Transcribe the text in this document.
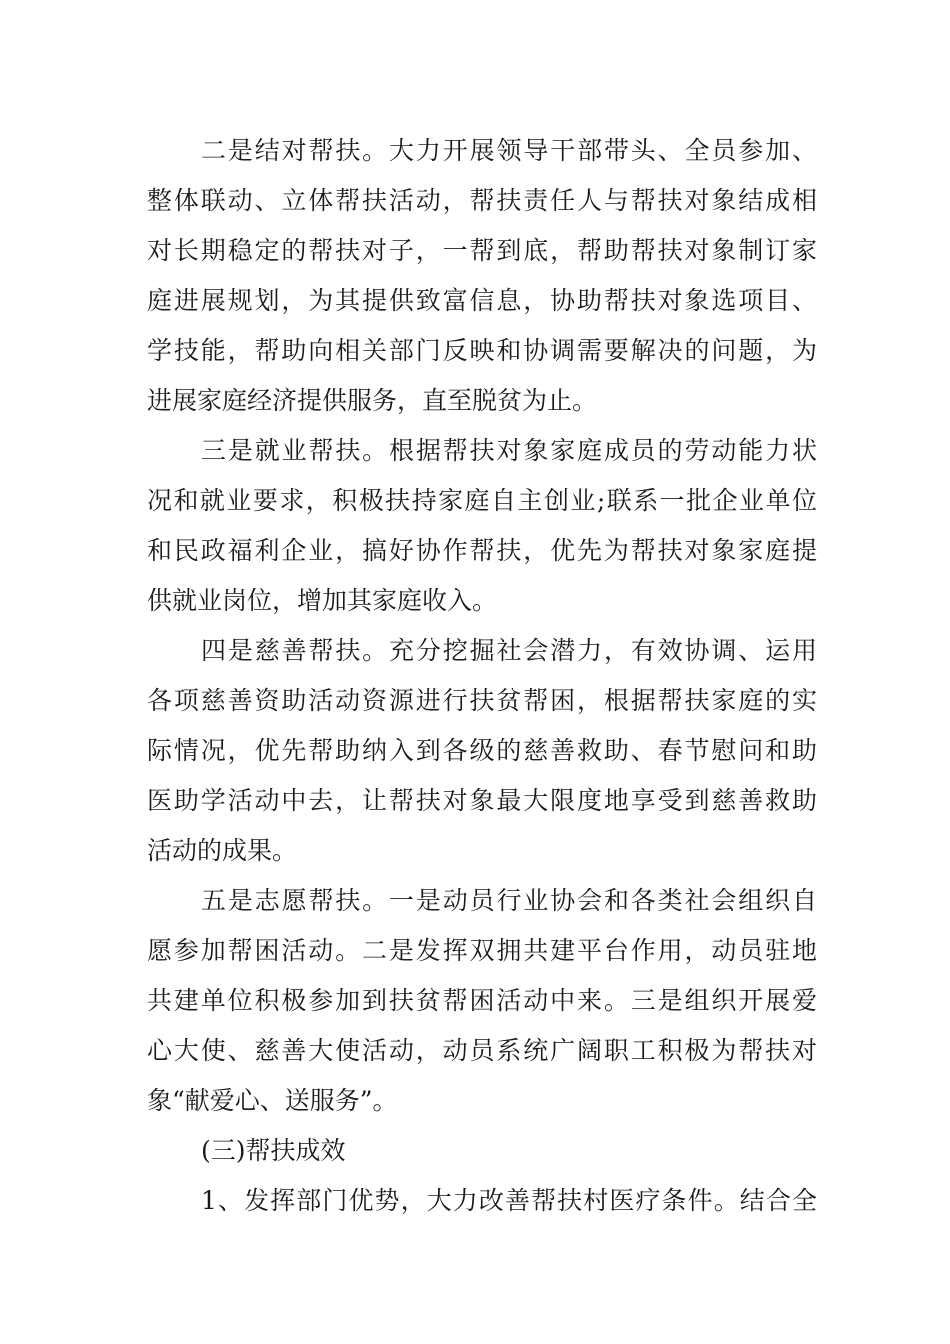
二是结对帮扶。大力开展领导干部带头、全员参加、
整体联动、立体帮扶活动，帮扶责任人与帮扶对象结成相
对长期稳定的帮扶对子，一帮到底，帮助帮扶对象制订家
庭进展规划，为其提供致富信息，协助帮扶对象选项目、
学技能，帮助向相关部门反映和协调需要解决的问题，为
进展家庭经济提供服务，直至脱贫为止。
三是就业帮扶。根据帮扶对象家庭成员的劳动能力状
况和就业要求，积极扶持家庭自主创业;联系一批企业单位
和民政福利企业，搞好协作帮扶，优先为帮扶对象家庭提
供就业岗位，增加其家庭收入。
四是慈善帮扶。充分挖掘社会潜力，有效协调、运用
各项慈善资助活动资源进行扶贫帮困，根据帮扶家庭的实
际情况，优先帮助纳入到各级的慈善救助、春节慰问和助
医助学活动中去，让帮扶对象最大限度地享受到慈善救助
活动的成果。
五是志愿帮扶。一是动员行业协会和各类社会组织自
愿参加帮困活动。二是发挥双拥共建平台作用，动员驻地
共建单位积极参加到扶贫帮困活动中来。三是组织开展爱
心大使、慈善大使活动，动员系统广阔职工积极为帮扶对
象“献爱心、送服务”。
(三)帮扶成效
1、发挥部门优势，大力改善帮扶村医疗条件。结合全
